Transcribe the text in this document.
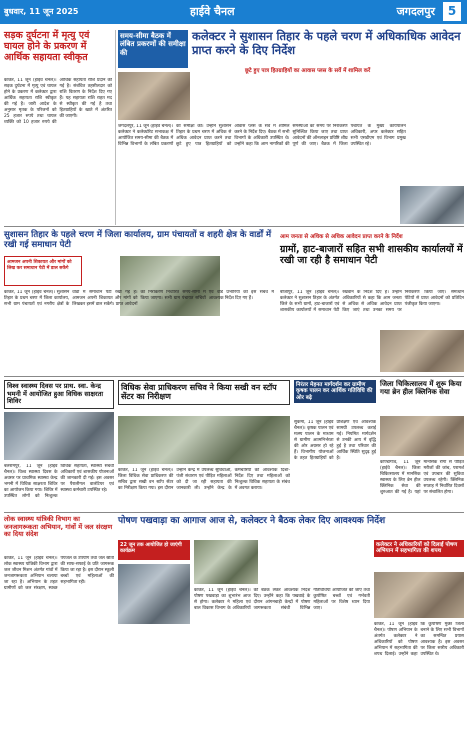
बुधवार, 11 जून 2025	हाईवे चैनल	जगदलपुर	5
सड़क दुर्घटना में मृत्यु एवं घायल होने के प्रकरण में आर्थिक सहायता स्वीकृत
कांकेर, 11 जून (हाईवे चैनल)। सड़क दुर्घटना में मृत्यु एवं घायल होने के प्रकरण में कलेक्टर द्वारा आर्थिक सहायता राशि स्वीकृत की गई है। जारी आदेश के अनुसार मृतक के परिजनों को 25 हजार रुपये तथा घायल व्यक्ति को 10 हजार रुपये की आर्थिक सहायता राशि प्रदान की गई है। संबंधित तहसीलदार को राशि वितरण के निर्देश दिए गए हैं। यह सहायता राशि राहत मद से स्वीकृत की गई है तथा हितग्राहियों के खाते में अंतरित की जाएगी।
समय-सीमा बैठक में लंबित प्रकरणों की समीक्षा की
कलेक्टर ने सुशासन तिहार के पहले चरण में अधिकाधिक आवेदन प्राप्त करने के दिए निर्देश
छूटे हुए पात्र हितग्राहियों का आवास प्लस के सर्वे में शामिल करें
जगदलपुर, 11 जून (हाईवे चैनल)। कलेक्टर ने कलेक्टोरेट सभाकक्ष में आयोजित समय-सीमा की बैठक में विभिन्न विभागों के लंबित प्रकरणों की समीक्षा की। उन्होंने सुशासन तिहार के प्रथम चरण में अधिक से अधिक आवेदन प्राप्त करने तथा छूटे हुए पात्र हितग्राहियों को आवास प्लस के सर्वे में शामिल करने के निर्देश दिए। बैठक में सभी विभागों के अधिकारी उपस्थित थे। उन्होंने कहा कि आम नागरिकों की समस्याओं का समय पर निराकरण सुनिश्चित किया जाए तथा प्राप्त आवेदनों की ऑनलाइन प्रविष्टि शीघ्र पूर्ण की जाए। बैठक में जिला पंचायत के मुख्य कार्यपालन अधिकारी, अपर कलेक्टर सहित सभी एसडीएम एवं विभाग प्रमुख उपस्थित रहे।
सुशासन तिहार के पहले चरण में जिला कार्यालय, ग्राम पंचायतों व शहरी क्षेत्र के वार्डों में रखी गई समाधान पेटी
आमजन अपनी शिकायत और मांगों को लिख कर समाधान पेटी में डाल सकेंगे
कांकेर, 11 जून (हाईवे चैनल)। सुशासन तिहार के प्रथम चरण में जिला कार्यालय, सभी ग्राम पंचायतों एवं नगरीय क्षेत्रों के वार्डों में समाधान पेटी रखी गई है। आमजन अपनी शिकायत और मांगों को लिखकर इसमें डाल सकेंगे। प्राप्त आवेदनों का निराकरण निर्धारित समय-सीमा में किया जाएगा। सभी ग्राम पंचायत सचिवों एवं वार्ड प्रभारियों को इस संबंध में आवश्यक निर्देश दिए गए हैं।
आम जनता से अधिक से अधिक आवेदन प्राप्त करने के निर्देश
ग्रामों, हाट-बाजारों सहित सभी शासकीय कार्यालयों में रखी जा रही है समाधान पेटी
बीजापुर, 11 जून (हाईवे चैनल)। कलेक्टर ने सुशासन तिहार के अंतर्गत जिले के सभी ग्रामों, हाट-बाजारों एवं शासकीय कार्यालयों में समाधान पेटी रखवाने के निर्देश दिए हैं। उन्होंने अधिकारियों से कहा कि आम जनता से अधिक से अधिक आवेदन प्राप्त किए जाएं तथा उनका समय पर निराकरण किया जाए। समाधान पेटियों से प्राप्त आवेदनों को प्रतिदिन पंजीकृत किया जाएगा।
विश्व स्वास्थ्य दिवस पर प्राथ. स्वा. केन्द्र भमनी में आयोजित हुआ विधिक साक्षरता शिविर
बलरामपुर, 11 जून (हाईवे चैनल)। विश्व स्वास्थ्य दिवस के अवसर पर प्राथमिक स्वास्थ्य केन्द्र भमनी में विधिक साक्षरता शिविर का आयोजन किया गया। शिविर में उपस्थित लोगों को निःशुल्क विधिक सहायता, स्वास्थ्य संबंधी अधिकारों एवं शासकीय योजनाओं की जानकारी दी गई। इस अवसर पर पैरालीगल वालंटियर एवं स्वास्थ्य कर्मचारी उपस्थित रहे।
विधिक सेवा प्राधिकरण सचिव ने किया सखी वन स्टॉप सेंटर का निरीक्षण
कांकेर, 11 जून (हाईवे चैनल)। जिला विधिक सेवा प्राधिकरण की सचिव द्वारा सखी वन स्टॉप सेंटर का निरीक्षण किया गया। इस दौरान उन्होंने केन्द्र में उपलब्ध सुविधाओं, पंजी संधारण एवं पीड़ित महिलाओं को दी जा रही सहायता की जानकारी ली। उन्होंने केन्द्र के कर्मचारियों को आवश्यक दिशा-निर्देश दिए तथा महिलाओं को निःशुल्क विधिक सहायता के संबंध में अवगत कराया।
निरंतर मेहनत मार्गदर्शन कर ग्रामीण कृषक पालन कर आर्थिक गतिविधि की ओर बढ़े
सुकमा, 11 जून (हाईवे चैनल)। कृषक पालन एवं मत्स्य पालन के माध्यम से ग्रामीण आत्मनिर्भरता की ओर अग्रसर हो रहे हैं। विभागीय योजनाओं के तहत हितग्राहियों को प्रशिक्षण एवं आवश्यक सामग्री उपलब्ध कराई गई। नियमित मार्गदर्शन से उनकी आय में वृद्धि हुई है तथा परिवार की आर्थिक स्थिति सुदृढ़ हुई है।
जिला चिकित्सालय में शुरू किया गया ब्रेन हील क्लिनिक सेवा
कोण्डागांव, 11 जून (हाईवे चैनल)। जिला चिकित्सालय में मानसिक स्वास्थ्य के लिए ब्रेन हील क्लिनिक सेवा की शुरुआत की गई है। यहां मानसिक रोगों से पीड़ित मरीजों की जांच, परामर्श एवं उपचार की सुविधा उपलब्ध रहेगी। क्लिनिक सप्ताह में निर्धारित दिवसों पर संचालित होगा।
पोषण पखवाड़ा का आगाज आज से, कलेक्टर ने बैठक लेकर दिए आवश्यक निर्देश
22 जून तक आयोजित हो जाएंगी कार्यक्रम
कांकेर, 11 जून (हाईवे चैनल)। पोषण पखवाड़ा का शुभारंभ आज से होगा। कलेक्टर ने महिला एवं बाल विकास विभाग के अधिकारियों की बैठक लेकर आवश्यक निर्देश दिए। उन्होंने कहा कि पखवाड़े के दौरान आंगनबाड़ी केन्द्रों में पोषण जागरूकता संबंधी विभिन्न गतिविधियां आयोजित की जाएं तथा कुपोषित बच्चों एवं गर्भवती महिलाओं पर विशेष ध्यान दिया जाए।
लोक स्वास्थ्य यांत्रिकी विभाग का जनजागरूकता अभियान, गांवों में जल संरक्षण का दिया संदेश
कांकेर, 11 जून (हाईवे चैनल)। लोक स्वास्थ्य यांत्रिकी विभाग द्वारा जल जीवन मिशन अंतर्गत गांवों में जनजागरूकता अभियान चलाया जा रहा है। अभियान के तहत ग्रामीणों को जल संरक्षण, स्वच्छ पेयजल के उपयोग तथा जल स्रोतों की साफ-सफाई के प्रति जागरूक किया जा रहा है। इस दौरान स्कूली बच्चों एवं महिलाओं की सहभागिता रही।
कलेक्टर ने अधिकारियों को दिलाई पोषण अभियान में सहभागिता की शपथ
कांकेर, 11 जून (हाईवे चैनल)। पोषण अभियान के अंतर्गत कलेक्टर ने अधिकारियों को पोषण अभियान में सहभागिता की शपथ दिलाई। उन्होंने कहा कि कुपोषण मुक्त जिला बनाने के लिए सभी विभागों का समन्वित प्रयास आवश्यक है। इस अवसर पर जिला स्तरीय अधिकारी उपस्थित थे।
